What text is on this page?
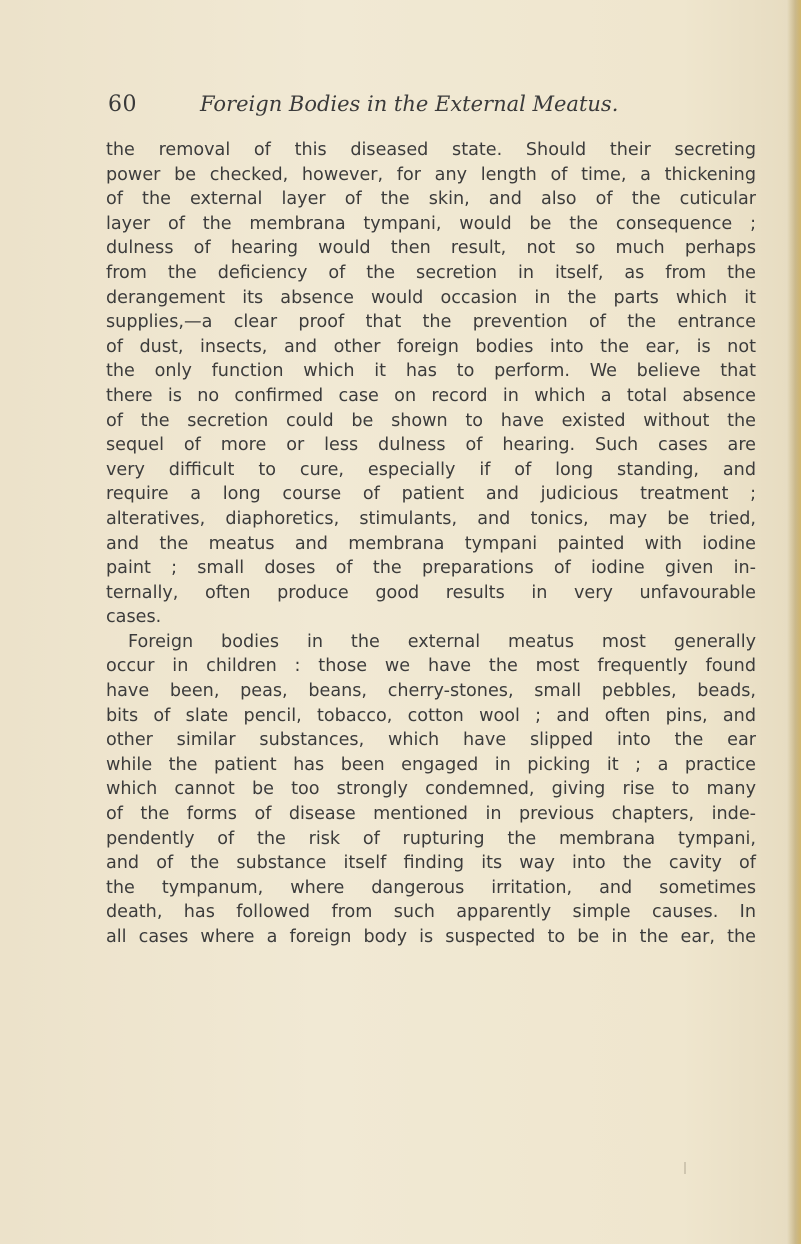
60	Foreign Bodies in the External Meatus.
the removal of this diseased state. Should their secreting
power be checked, however, for any length of time, a thickening
of the external layer of the skin, and also of the cuticular
layer of the membrana tympani, would be the consequence ;
dulness of hearing would then result, not so much perhaps
from the deficiency of the secretion in itself, as from the
derangement its absence would occasion in the parts which it
supplies,—a clear proof that the prevention of the entrance
of dust, insects, and other foreign bodies into the ear, is not
the only function which it has to perform. We believe that
there is no confirmed case on record in which a total absence
of the secretion could be shown to have existed without the
sequel of more or less dulness of hearing. Such cases are
very difficult to cure, especially if of long standing, and
require a long course of patient and judicious treatment ;
alteratives, diaphoretics, stimulants, and tonics, may be tried,
and the meatus and membrana tympani painted with iodine
paint ; small doses of the preparations of iodine given in-
ternally, often produce good results in very unfavourable
cases.
Foreign bodies in the external meatus most generally
occur in children : those we have the most frequently found
have been, peas, beans, cherry-stones, small pebbles, beads,
bits of slate pencil, tobacco, cotton wool ; and often pins, and
other similar substances, which have slipped into the ear
while the patient has been engaged in picking it ; a practice
which cannot be too strongly condemned, giving rise to many
of the forms of disease mentioned in previous chapters, inde-
pendently of the risk of rupturing the membrana tympani,
and of the substance itself finding its way into the cavity of
the tympanum, where dangerous irritation, and sometimes
death, has followed from such apparently simple causes. In
all cases where a foreign body is suspected to be in the ear, the
